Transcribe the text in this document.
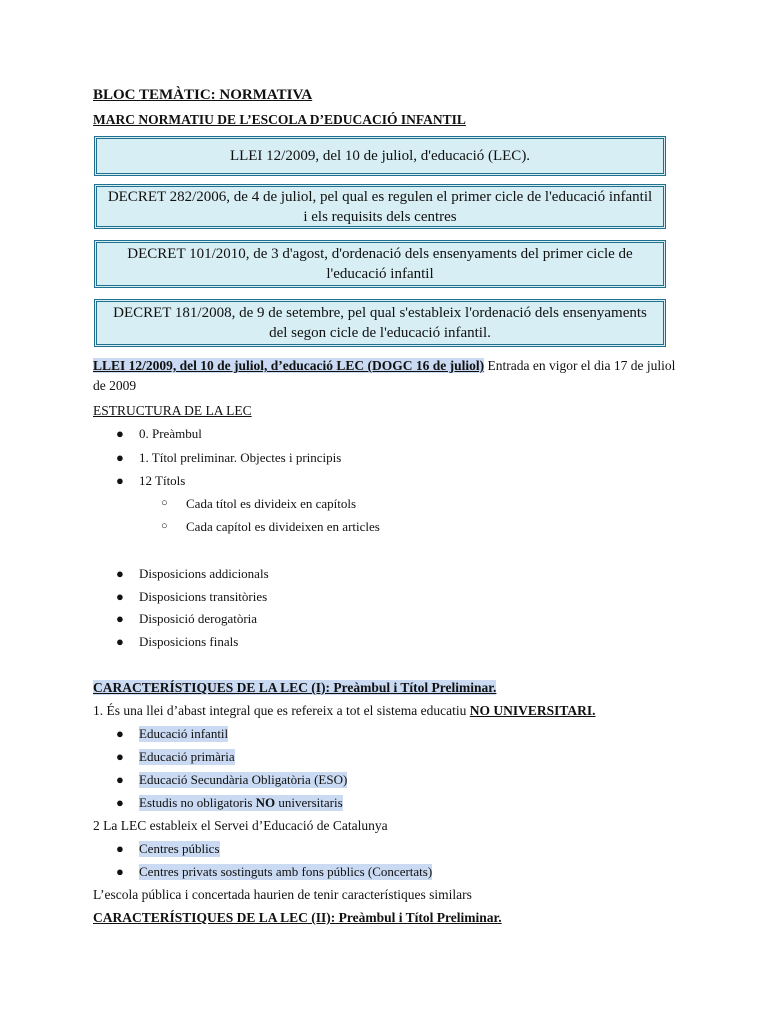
BLOC TEMÀTIC: NORMATIVA
MARC NORMATIU DE L’ESCOLA D’EDUCACIÓ INFANTIL
LLEI 12/2009, del 10 de juliol, d'educació (LEC).
DECRET 282/2006, de 4 de juliol, pel qual es regulen el primer cicle de l'educació infantil i els requisits dels centres
DECRET 101/2010, de 3 d'agost, d'ordenació dels ensenyaments del primer cicle de l'educació infantil
DECRET 181/2008, de 9 de setembre, pel qual s'estableix l'ordenació dels ensenyaments del segon cicle de l'educació infantil.
LLEI 12/2009, del 10 de juliol, d’educació LEC (DOGC 16 de juliol) Entrada en vigor el dia 17 de juliol de 2009
ESTRUCTURA DE LA LEC
● 0. Preàmbul
● 1. Títol preliminar. Objectes i principis
● 12 Títols
○ Cada títol es divideix en capítols
○ Cada capítol es divideixen en articles
● Disposicions addicionals
● Disposicions transitòries
● Disposició derogatòria
● Disposicions finals
CARACTERÍSTIQUES DE LA LEC (I): Preàmbul i Títol Preliminar.
1. És una llei d’abast integral que es refereix a tot el sistema educatiu NO UNIVERSITARI.
● Educació infantil
● Educació primària
● Educació Secundària Obligatòria (ESO)
● Estudis no obligatoris NO universitaris
2 La LEC estableix el Servei d’Educació de Catalunya
● Centres públics
● Centres privats sostinguts amb fons públics (Concertats)
L’escola pública i concertada haurien de tenir característiques similars
CARACTERÍSTIQUES DE LA LEC (II): Preàmbul i Títol Preliminar.
